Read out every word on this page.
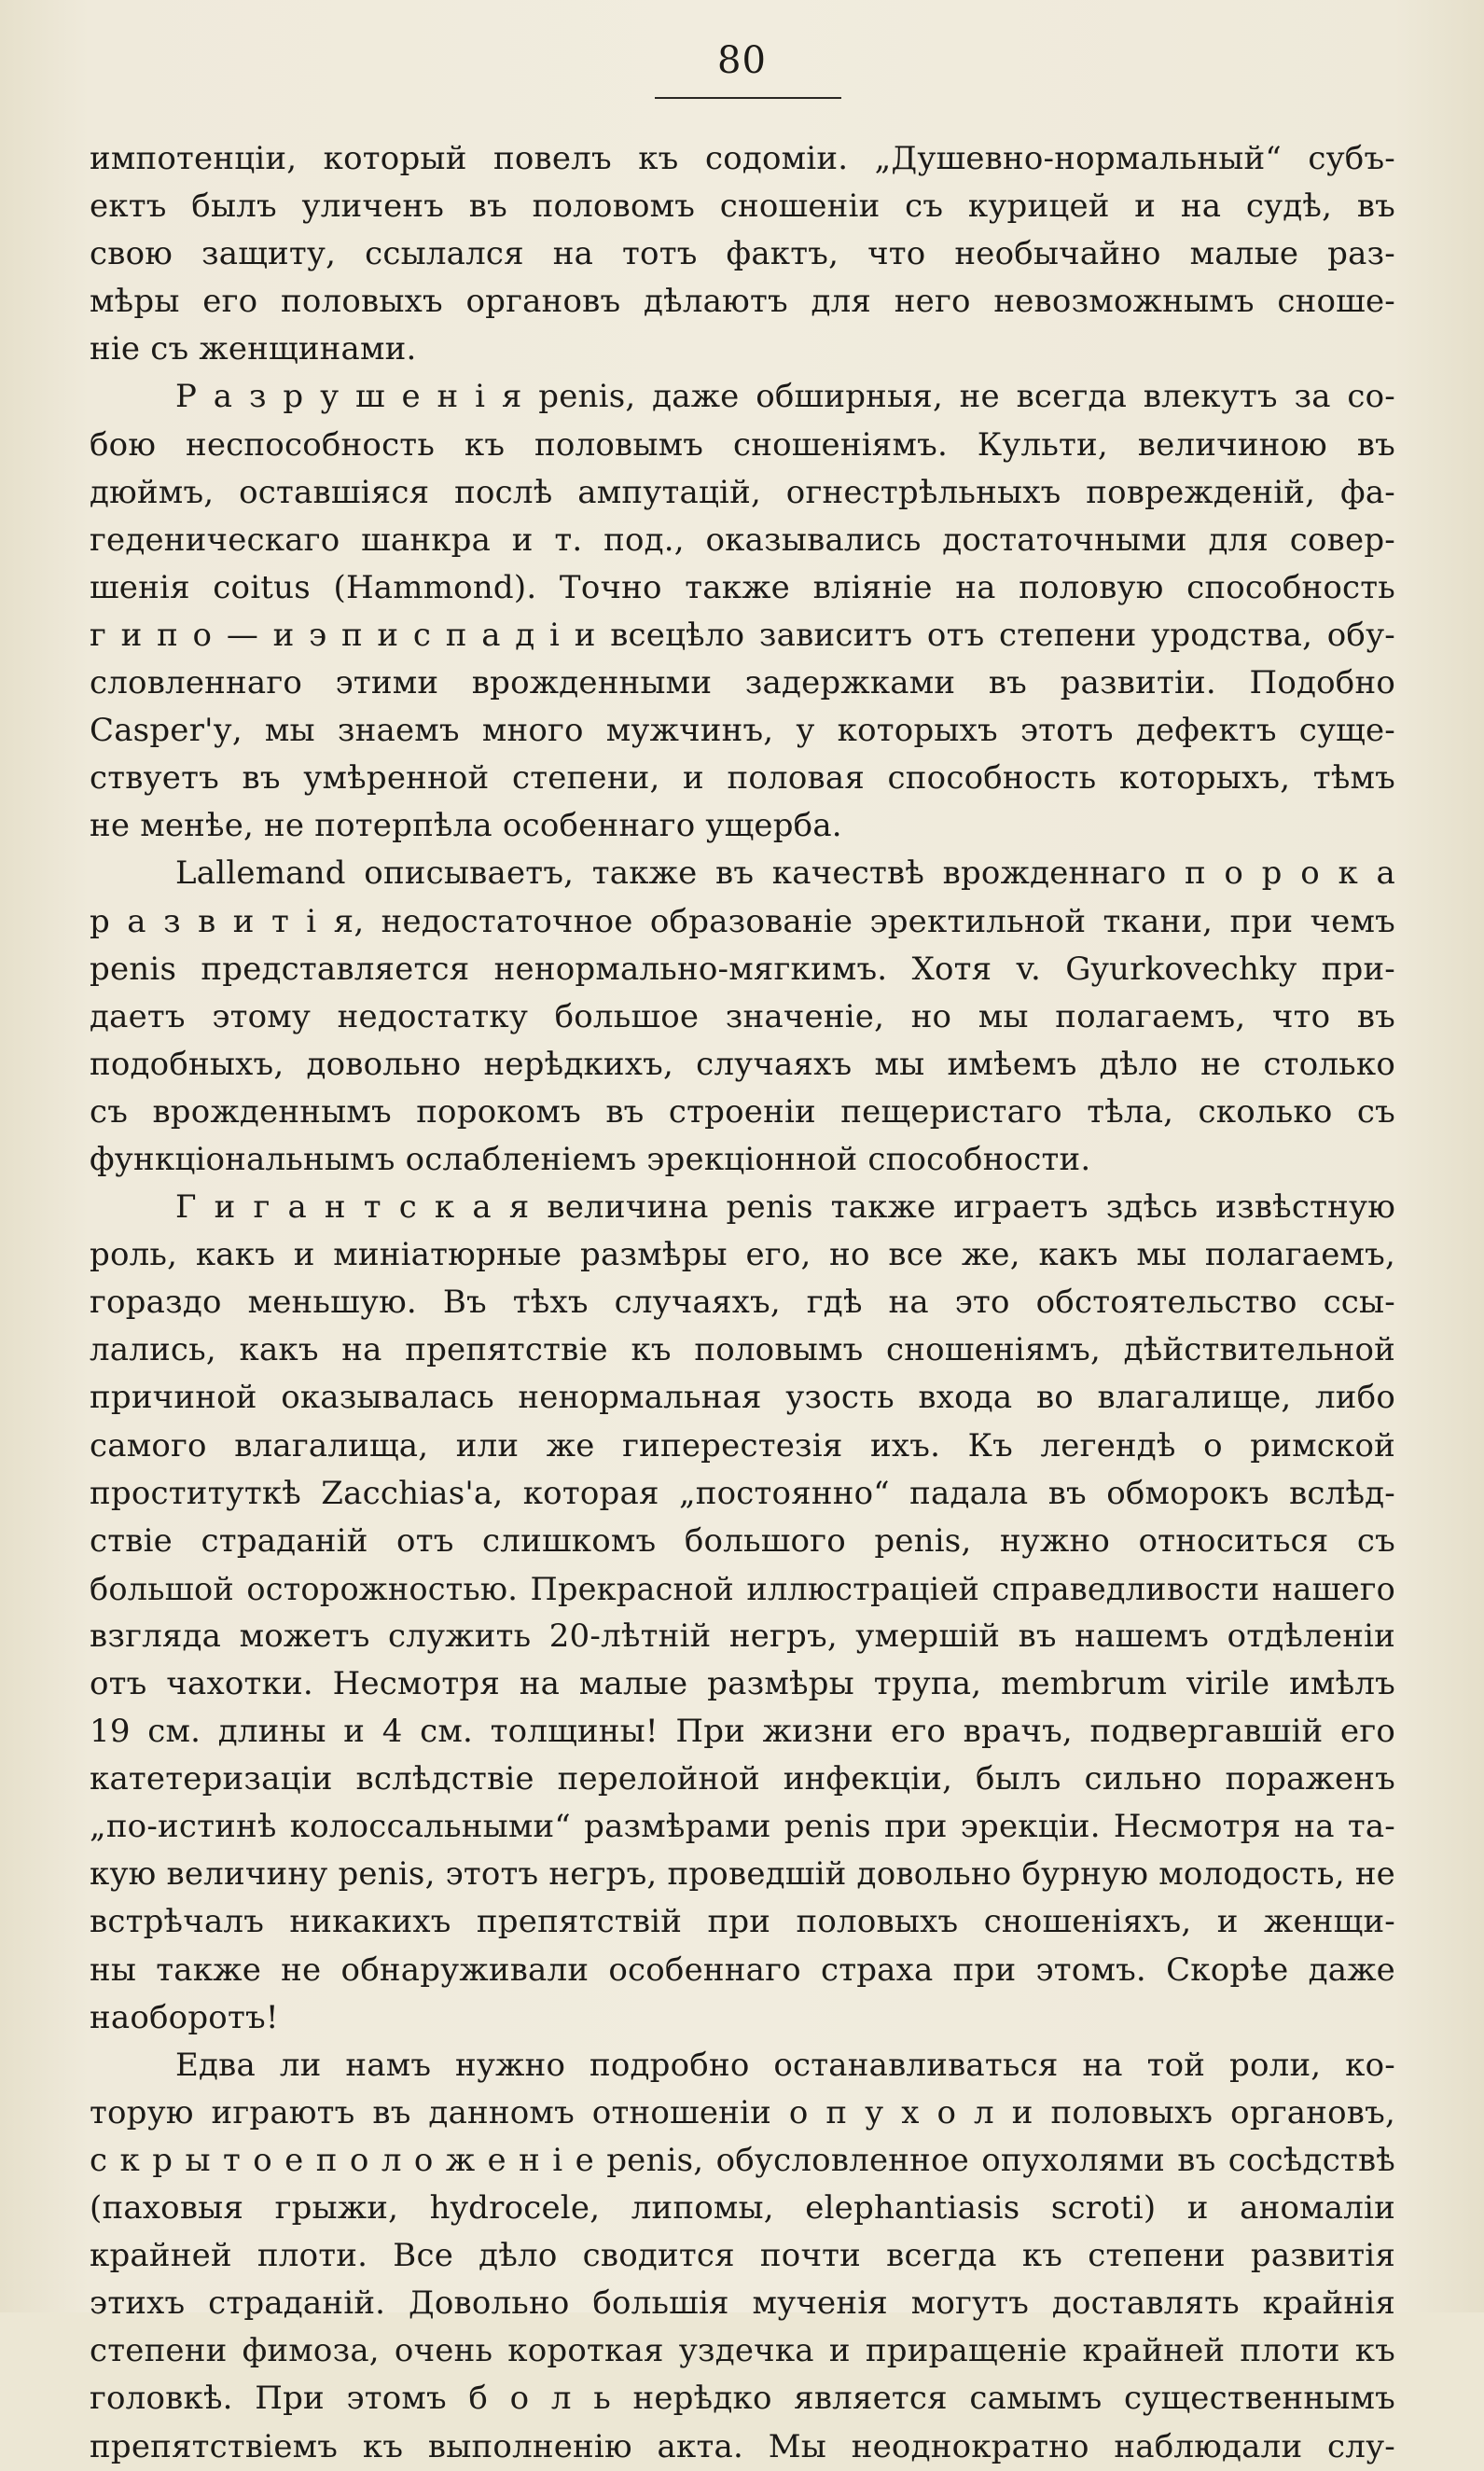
80

импотенціи, который повелъ къ содоміи. „Душевно-нормальный“ субъ-
ектъ былъ уличенъ въ половомъ сношеніи съ курицей и на судѣ, въ
свою защиту, ссылался на тотъ фактъ, что необычайно малые раз-
мѣры его половыхъ органовъ дѣлаютъ для него невозможнымъ сноше-
ніе съ женщинами.

Р а з р у ш е н і я penis, даже обширныя, не всегда влекутъ за со-
бою неспособность къ половымъ сношеніямъ. Культи, величиною въ
дюймъ, оставшіяся послѣ ампутацій, огнестрѣльныхъ поврежденій, фа-
геденическаго шанкра и т. под., оказывались достаточными для совер-
шенія coitus (Hammond). Точно также вліяніе на половую способность
г и п о — и э п и с п а д і и всецѣло зависитъ отъ степени уродства, обу-
словленнаго этими врожденными задержками въ развитіи. Подобно
Casper'у, мы знаемъ много мужчинъ, у которыхъ этотъ дефектъ суще-
ствуетъ въ умѣренной степени, и половая способность которыхъ, тѣмъ
не менѣе, не потерпѣла особеннаго ущерба.

Lallemand описываетъ, также въ качествѣ врожденнаго п о р о к а
р а з в и т і я, недостаточное образованіе эректильной ткани, при чемъ
penis представляется ненормально-мягкимъ. Хотя v. Gyurkovechky при-
даетъ этому недостатку большое значеніе, но мы полагаемъ, что въ
подобныхъ, довольно нерѣдкихъ, случаяхъ мы имѣемъ дѣло не столько
съ врожденнымъ порокомъ въ строеніи пещеристаго тѣла, сколько съ
функціональнымъ ослабленіемъ эрекціонной способности.

Г и г а н т с к а я величина penis также играетъ здѣсь извѣстную
роль, какъ и миніатюрные размѣры его, но все же, какъ мы полагаемъ,
гораздо меньшую. Въ тѣхъ случаяхъ, гдѣ на это обстоятельство ссы-
лались, какъ на препятствіе къ половымъ сношеніямъ, дѣйствительной
причиной оказывалась ненормальная узость входа во влагалище, либо
самого влагалища, или же гиперестезія ихъ. Къ легендѣ о римской
проституткѣ Zacchias'а, которая „постоянно“ падала въ обморокъ вслѣд-
ствіе страданій отъ слишкомъ большого penis, нужно относиться съ
большой осторожностью. Прекрасной иллюстраціей справедливости нашего
взгляда можетъ служить 20-лѣтній негръ, умершій въ нашемъ отдѣленіи
отъ чахотки. Несмотря на малые размѣры трупа, membrum virile имѣлъ
19 см. длины и 4 см. толщины! При жизни его врачъ, подвергавшій его
катетеризаціи вслѣдствіе перелойной инфекціи, былъ сильно пораженъ
„по-истинѣ колоссальными“ размѣрами penis при эрекціи. Несмотря на та-
кую величину penis, этотъ негръ, проведшій довольно бурную молодость, не
встрѣчалъ никакихъ препятствій при половыхъ сношеніяхъ, и женщи-
ны также не обнаруживали особеннаго страха при этомъ. Скорѣе даже
наоборотъ!

Едва ли намъ нужно подробно останавливаться на той роли, ко-
торую играютъ въ данномъ отношеніи о п у х о л и половыхъ органовъ,
с к р ы т о е п о л о ж е н і е penis, обусловленное опухолями въ сосѣдствѣ
(паховыя грыжи, hydrocele, липомы, elephantiasis scroti) и аномаліи
крайней плоти. Все дѣло сводится почти всегда къ степени развитія
этихъ страданій. Довольно большія мученія могутъ доставлять крайнія
степени фимоза, очень короткая уздечка и приращеніе крайней плоти къ
головкѣ. При этомъ б о л ь нерѣдко является самымъ существеннымъ
препятствіемъ къ выполненію акта. Мы неоднократно наблюдали слу-
